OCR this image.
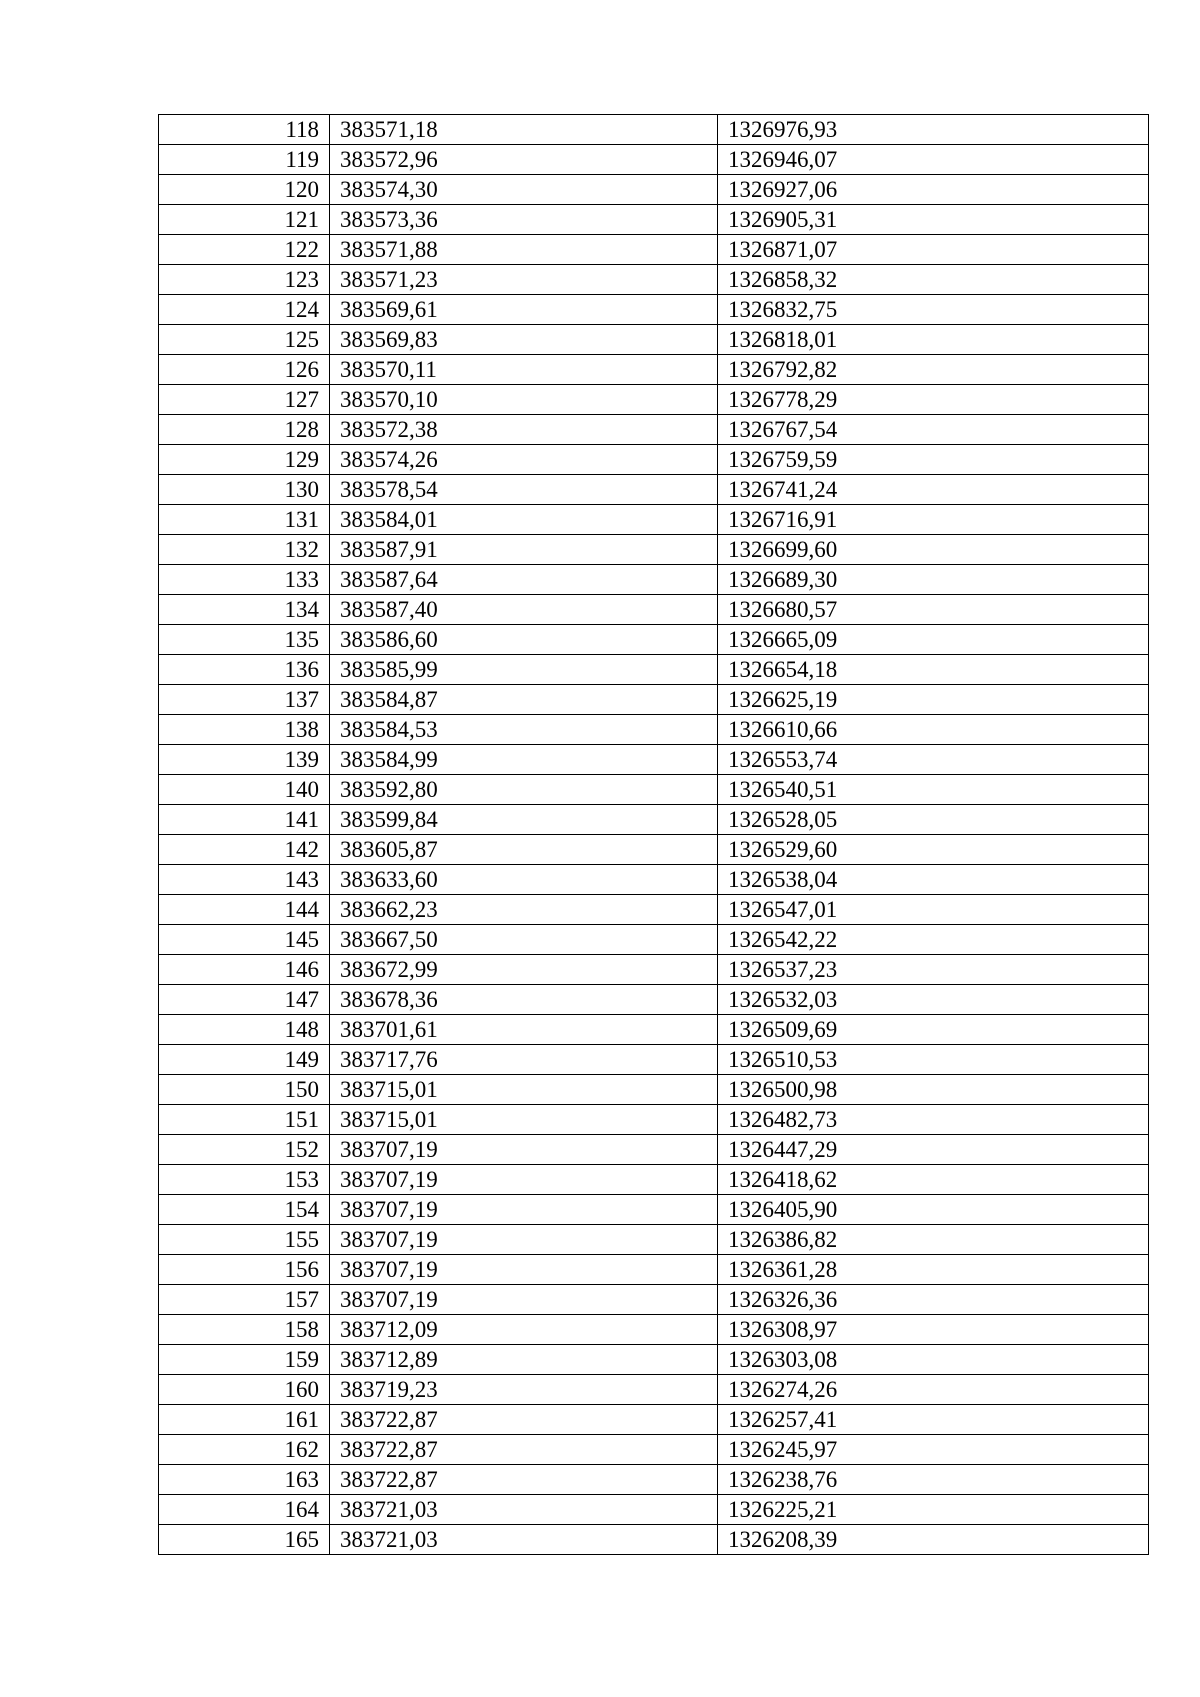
118	383571,18	1326976,93
119	383572,96	1326946,07
120	383574,30	1326927,06
121	383573,36	1326905,31
122	383571,88	1326871,07
123	383571,23	1326858,32
124	383569,61	1326832,75
125	383569,83	1326818,01
126	383570,11	1326792,82
127	383570,10	1326778,29
128	383572,38	1326767,54
129	383574,26	1326759,59
130	383578,54	1326741,24
131	383584,01	1326716,91
132	383587,91	1326699,60
133	383587,64	1326689,30
134	383587,40	1326680,57
135	383586,60	1326665,09
136	383585,99	1326654,18
137	383584,87	1326625,19
138	383584,53	1326610,66
139	383584,99	1326553,74
140	383592,80	1326540,51
141	383599,84	1326528,05
142	383605,87	1326529,60
143	383633,60	1326538,04
144	383662,23	1326547,01
145	383667,50	1326542,22
146	383672,99	1326537,23
147	383678,36	1326532,03
148	383701,61	1326509,69
149	383717,76	1326510,53
150	383715,01	1326500,98
151	383715,01	1326482,73
152	383707,19	1326447,29
153	383707,19	1326418,62
154	383707,19	1326405,90
155	383707,19	1326386,82
156	383707,19	1326361,28
157	383707,19	1326326,36
158	383712,09	1326308,97
159	383712,89	1326303,08
160	383719,23	1326274,26
161	383722,87	1326257,41
162	383722,87	1326245,97
163	383722,87	1326238,76
164	383721,03	1326225,21
165	383721,03	1326208,39
